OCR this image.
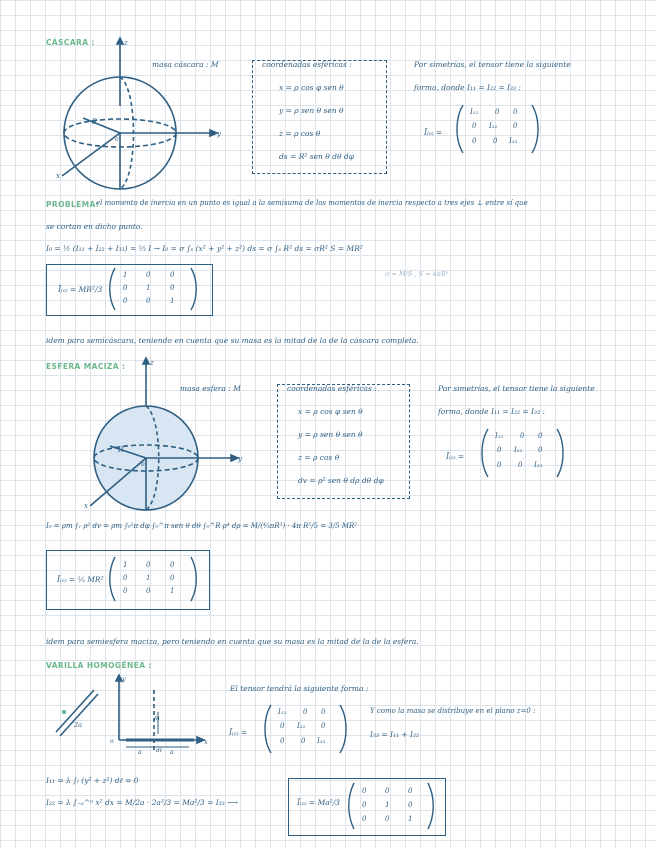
CÁSCARA :	z
y
x
R
o
masa cáscara : M	coordenadas esféricas :
x = ρ cos φ sen θ
y = ρ sen θ sen θ
z = ρ cos θ
ds = R² sen θ dθ dφ
Por simetrías, el tensor tiene la siguiente
forma, donde I₁₁ = I₂₂ = I₃₃ :
Ī₍ₒ₎ =
I₁₁ 0 0
0 I₂₂ 0
0 0 I₃₃
PROBLEMA:
el momento de inercia en un punto es igual a la semisuma de los momentos de inercia respecto a tres ejes ⊥ entre sí que
se cortan en dicho punto.
I₀ = ½ (I₁₁ + I₂₂ + I₃₃) = ⅔ I → I₀ = σ ∫ₛ (x² + y² + z²) ds = σ ∫ₛ R² ds = σR² S = MR²
Ī₍ₒ₎ = MR²/3
1	0	0
0	1	0
0	0	1
σ = M/S , S = 4πR²
idem para semicáscara, teniendo en cuenta que su masa es la mitad de la de la cáscara completa.
ESFERA MACIZA :	z
y
x
R
o
masa esfera : M	coordenadas esféricas :
x = ρ cos φ sen θ
y = ρ sen θ sen θ
z = ρ cos θ
dv = ρ² sen θ dρ dθ dφ
Por simetrías, el tensor tiene la siguiente
forma, donde I₁₁ = I₂₂ = I₃₃ :
Ī₍ₒ₎ =
I₁₁ 0 0
0 I₂₂ 0
0 0 I₃₃
I₀ = ρm ∫ᵥ ρ² dv = ρm ∫₀²π dφ ∫₀^π sen θ dθ ∫₀^R ρ⁴ dρ = M/(⁴⁄₃πR³) · 4π R⁵/5 = 3/5 MR²
Ī₍ₒ₎ = ⅖ MR²
1	0	0
0	1	0
0	0	1
idem para semiesfera maciza, pero teniendo en cuenta que su masa es la mitad de la de la esfera.
VARILLA HOMOGÉNEA :
2a
y
x
o
a	a
m
dℓ
El tensor tendrá la siguiente forma :
Ī₍ₒ₎ =
I₁₁ 0 0
0 I₂₂ 0
0 0 I₃₃
Y como la masa se distribuye en el plano z=0 :
I₃₃ = I₁₁ + I₂₂
I₁₁ = λ ∫ₗ (y² + z²) dℓ = 0
I₂₂ = λ ∫₋ₐ^ᵃ x² dx = M/2a · 2a³/3 = Ma²/3 = I₃₃ ⟶	Ī₍ₒ₎ = Ma²/3
0	0	0
0	1	0
0	0	1
